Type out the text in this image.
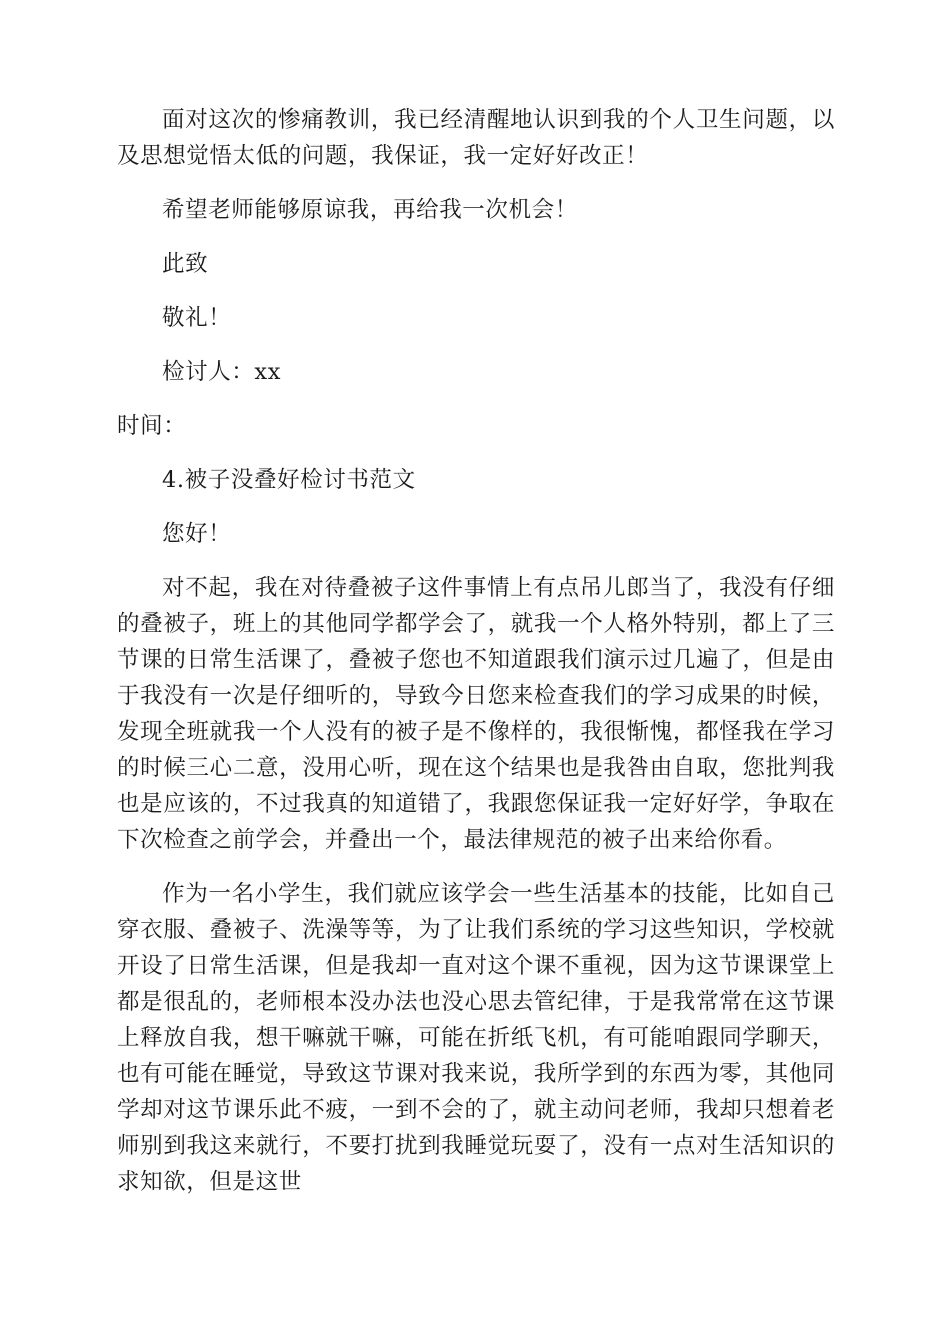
面对这次的惨痛教训，我已经清醒地认识到我的个人卫生问题，以及思想觉悟太低的问题，我保证，我一定好好改正！

希望老师能够原谅我，再给我一次机会！

此致

敬礼！

检讨人：xx

时间：

4.被子没叠好检讨书范文

您好！

对不起，我在对待叠被子这件事情上有点吊儿郎当了，我没有仔细的叠被子，班上的其他同学都学会了，就我一个人格外特别，都上了三节课的日常生活课了，叠被子您也不知道跟我们演示过几遍了，但是由于我没有一次是仔细听的，导致今日您来检查我们的学习成果的时候，发现全班就我一个人没有的被子是不像样的，我很惭愧，都怪我在学习的时候三心二意，没用心听，现在这个结果也是我咎由自取，您批判我也是应该的，不过我真的知道错了，我跟您保证我一定好好学，争取在下次检查之前学会，并叠出一个，最法律规范的被子出来给你看。

作为一名小学生，我们就应该学会一些生活基本的技能，比如自己穿衣服、叠被子、洗澡等等，为了让我们系统的学习这些知识，学校就开设了日常生活课，但是我却一直对这个课不重视，因为这节课课堂上都是很乱的，老师根本没办法也没心思去管纪律，于是我常常在这节课上释放自我，想干嘛就干嘛，可能在折纸飞机，有可能咱跟同学聊天，也有可能在睡觉，导致这节课对我来说，我所学到的东西为零，其他同学却对这节课乐此不疲，一到不会的了，就主动问老师，我却只想着老师别到我这来就行，不要打扰到我睡觉玩耍了，没有一点对生活知识的求知欲，但是这世
